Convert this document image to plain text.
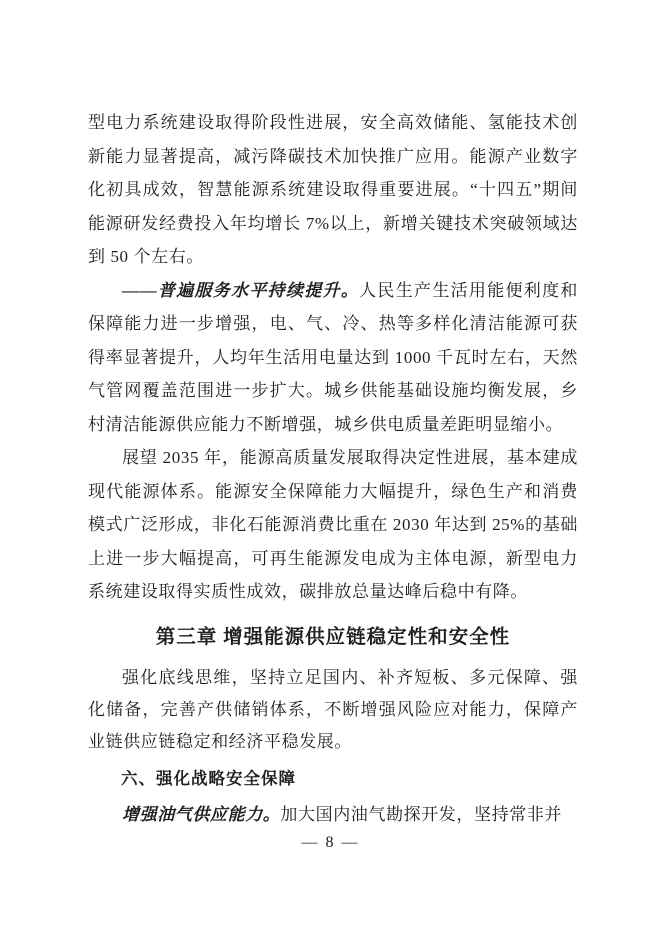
型电力系统建设取得阶段性进展，安全高效储能、氢能技术创新能力显著提高，减污降碳技术加快推广应用。能源产业数字化初具成效，智慧能源系统建设取得重要进展。“十四五”期间能源研发经费投入年均增长 7%以上，新增关键技术突破领域达到 50 个左右。

——普遍服务水平持续提升。人民生产生活用能便利度和保障能力进一步增强，电、气、冷、热等多样化清洁能源可获得率显著提升，人均年生活用电量达到 1000 千瓦时左右，天然气管网覆盖范围进一步扩大。城乡供能基础设施均衡发展，乡村清洁能源供应能力不断增强，城乡供电质量差距明显缩小。

展望 2035 年，能源高质量发展取得决定性进展，基本建成现代能源体系。能源安全保障能力大幅提升，绿色生产和消费模式广泛形成，非化石能源消费比重在 2030 年达到 25%的基础上进一步大幅提高，可再生能源发电成为主体电源，新型电力系统建设取得实质性成效，碳排放总量达峰后稳中有降。

第三章 增强能源供应链稳定性和安全性

强化底线思维，坚持立足国内、补齐短板、多元保障、强化储备，完善产供储销体系，不断增强风险应对能力，保障产业链供应链稳定和经济平稳发展。

六、强化战略安全保障

增强油气供应能力。加大国内油气勘探开发，坚持常非并

— 8 —
